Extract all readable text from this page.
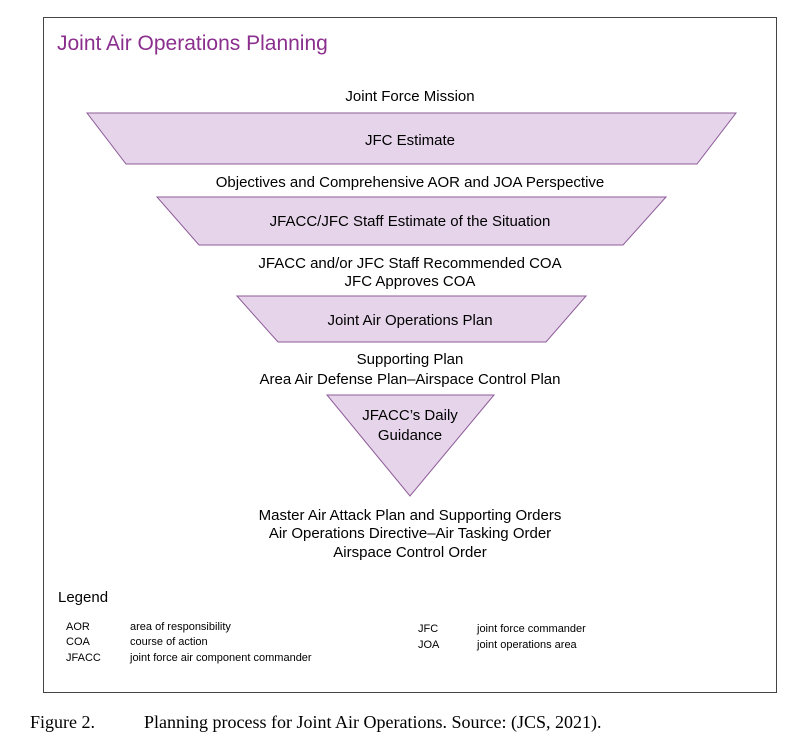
Joint Air Operations Planning
Joint Force Mission
JFC Estimate
Objectives and Comprehensive AOR and JOA Perspective
JFACC/JFC Staff Estimate of the Situation
JFACC and/or JFC Staff Recommended COA
JFC Approves COA
Joint Air Operations Plan
Supporting Plan
Area Air Defense Plan–Airspace Control Plan
JFACC’s Daily
Guidance
Master Air Attack Plan and Supporting Orders
Air Operations Directive–Air Tasking Order
Airspace Control Order
Legend
AOR	area of responsibility
COA	course of action
JFACC	joint force air component commander
JFC	joint force commander
JOA	joint operations area
Figure 2.	Planning process for Joint Air Operations. Source: (JCS, 2021).
